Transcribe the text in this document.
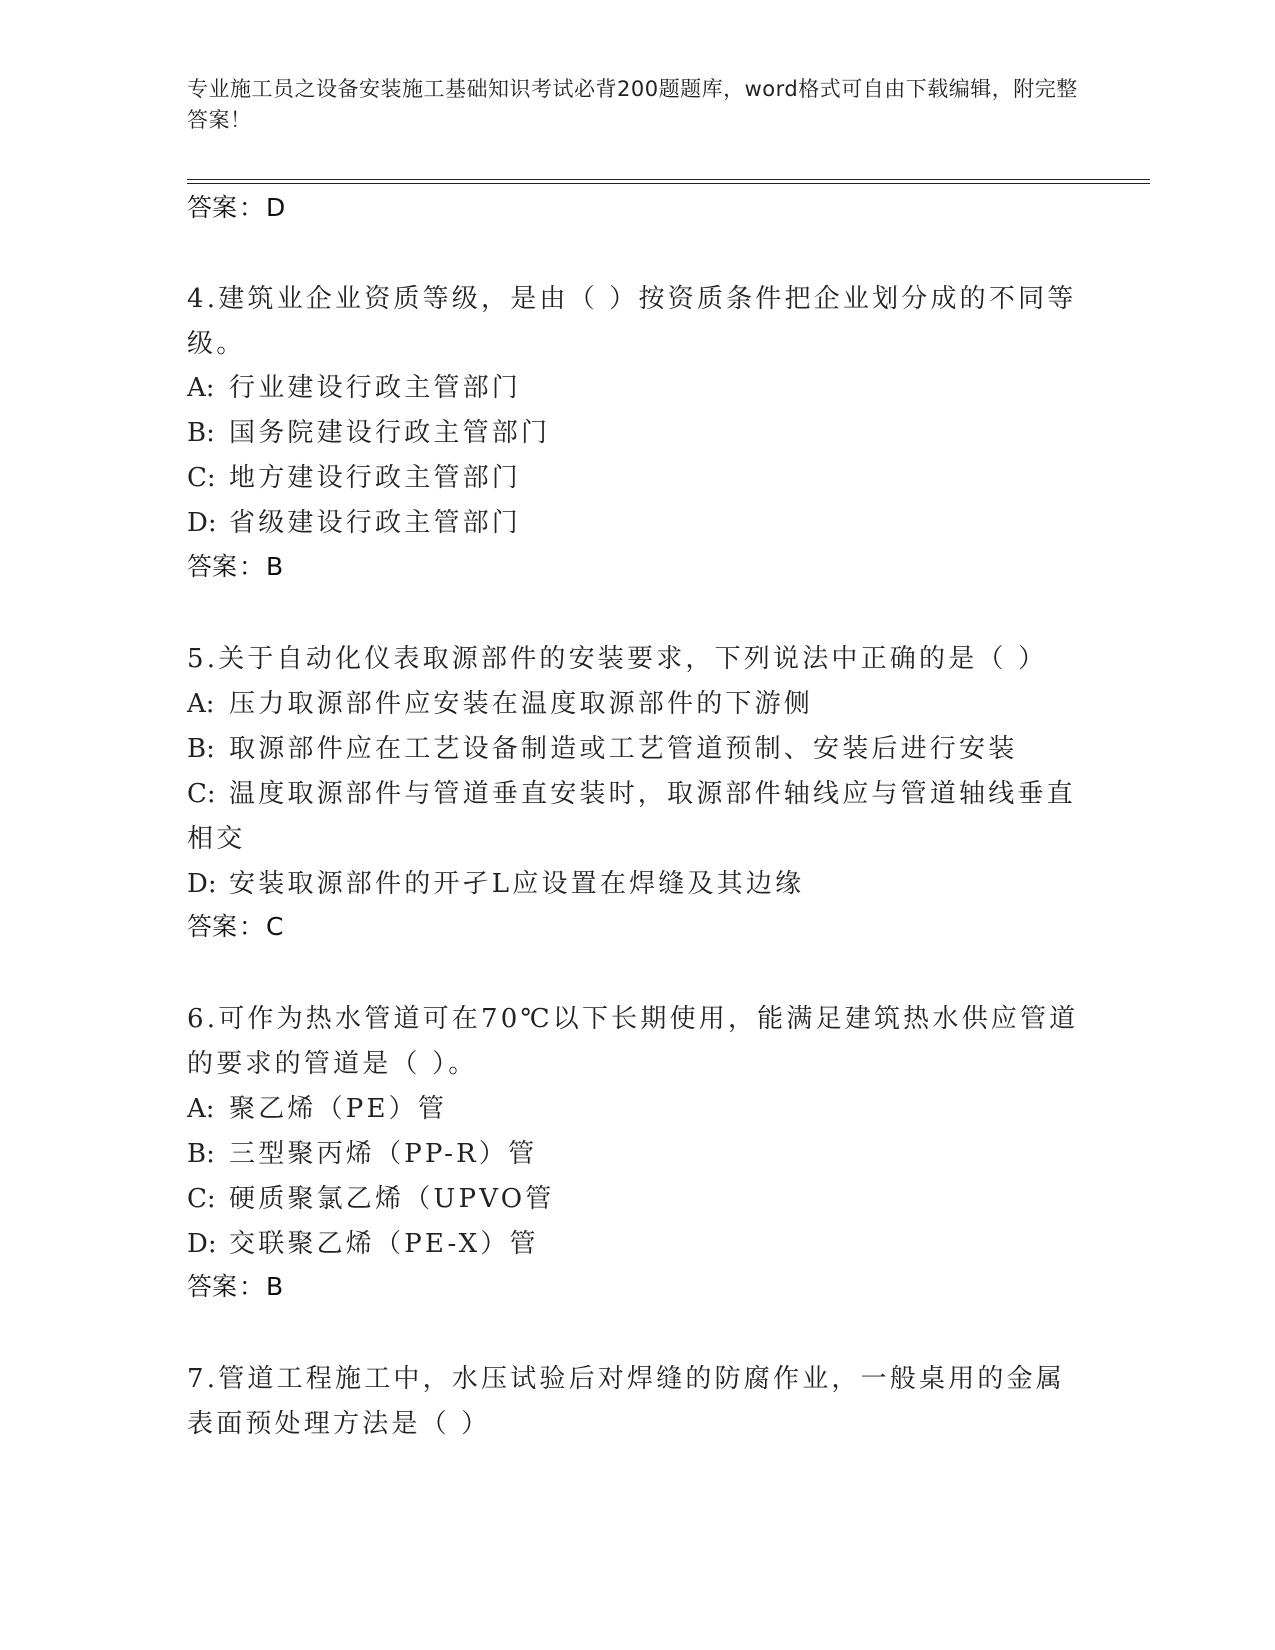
专业施工员之设备安装施工基础知识考试必背200题题库，word格式可自由下载编辑，附完整答案！
答案：D
4.建筑业企业资质等级，是由（ ）按资质条件把企业划分成的不同等级。
A: 行业建设行政主管部门
B: 国务院建设行政主管部门
C: 地方建设行政主管部门
D: 省级建设行政主管部门
答案：B
5.关于自动化仪表取源部件的安装要求，下列说法中正确的是（ ）
A: 压力取源部件应安装在温度取源部件的下游侧
B: 取源部件应在工艺设备制造或工艺管道预制、安装后进行安装
C: 温度取源部件与管道垂直安装时，取源部件轴线应与管道轴线垂直相交
D: 安装取源部件的开孑L应设置在焊缝及其边缘
答案：C
6.可作为热水管道可在70℃以下长期使用，能满足建筑热水供应管道的要求的管道是（ ）。
A: 聚乙烯（PE）管
B: 三型聚丙烯（PP-R）管
C: 硬质聚氯乙烯（UPVO管
D: 交联聚乙烯（PE-X）管
答案：B
7.管道工程施工中，水压试验后对焊缝的防腐作业，一般桌用的金属表面预处理方法是（ ）
